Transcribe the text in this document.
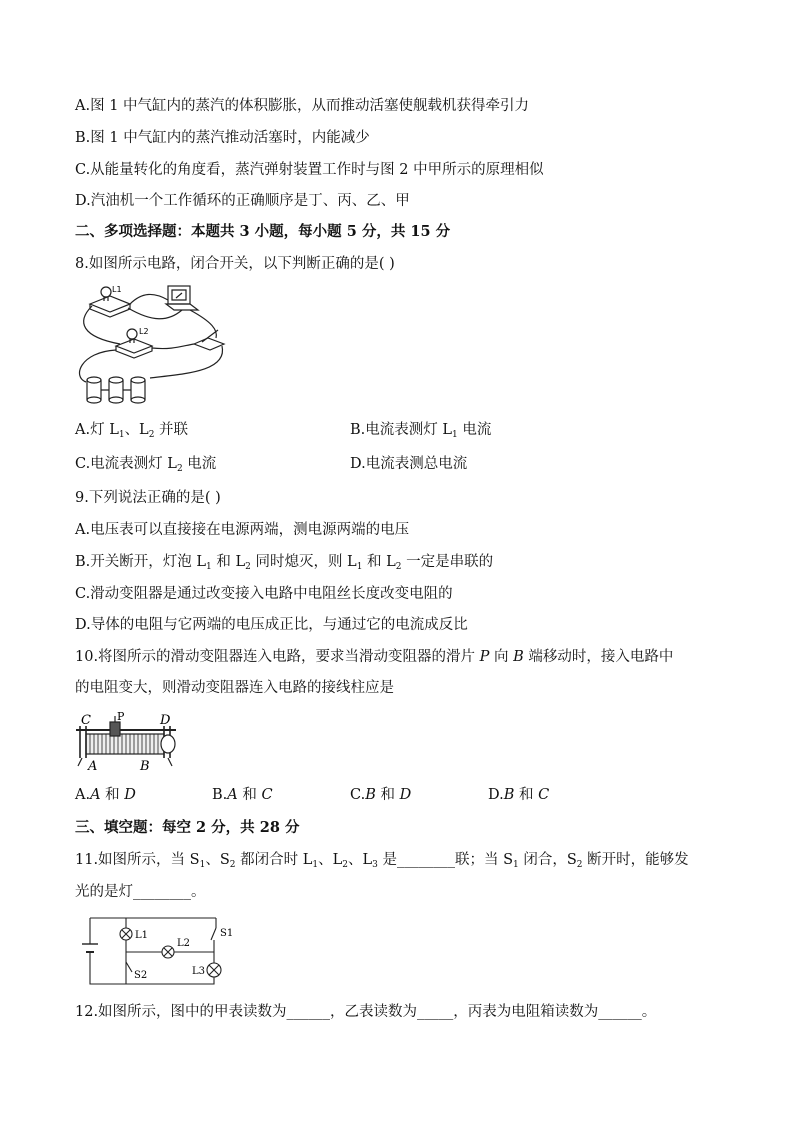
A.图 1 中气缸内的蒸汽的体积膨胀，从而推动活塞使舰载机获得牵引力
B.图 1 中气缸内的蒸汽推动活塞时，内能减少
C.从能量转化的角度看，蒸汽弹射装置工作时与图 2 中甲所示的原理相似
D.汽油机一个工作循环的正确顺序是丁、丙、乙、甲
二、多项选择题：本题共 3 小题，每小题 5 分，共 15 分
8.如图所示电路，闭合开关，以下判断正确的是( )
L1
L2
A.灯 $L_1$、$L_2$ 并联	B.电流表测灯 $L_1$ 电流
C.电流表测灯 $L_2$ 电流	D.电流表测总电流
9.下列说法正确的是( )
A.电压表可以直接接在电源两端，测电源两端的电压
B.开关断开，灯泡 $L_1$ 和 $L_2$ 同时熄灭，则 $L_1$ 和 $L_2$ 一定是串联的
C.滑动变阻器是通过改变接入电路中电阻丝长度改变电阻的
D.导体的电阻与它两端的电压成正比，与通过它的电流成反比
10.将图所示的滑动变阻器连入电路，要求当滑动变阻器的滑片 P 向 B 端移动时，接入电路中
的电阻变大，则滑动变阻器连入电路的接线柱应是
C P	D
A	B
A.A 和 D	B.A 和 C	C.B 和 D	D.B 和 C
三、填空题：每空 2 分，共 28 分
11.如图所示，当 $S_1$、$S_2$ 都闭合时 $L_1$、$L_2$、$L_3$ 是________联；当 $S_1$ 闭合，$S_2$ 断开时，能够发
光的是灯________。
L1
L2
S1
S2	L3
12.如图所示，图中的甲表读数为______，乙表读数为_____，丙表为电阻箱读数为______。
